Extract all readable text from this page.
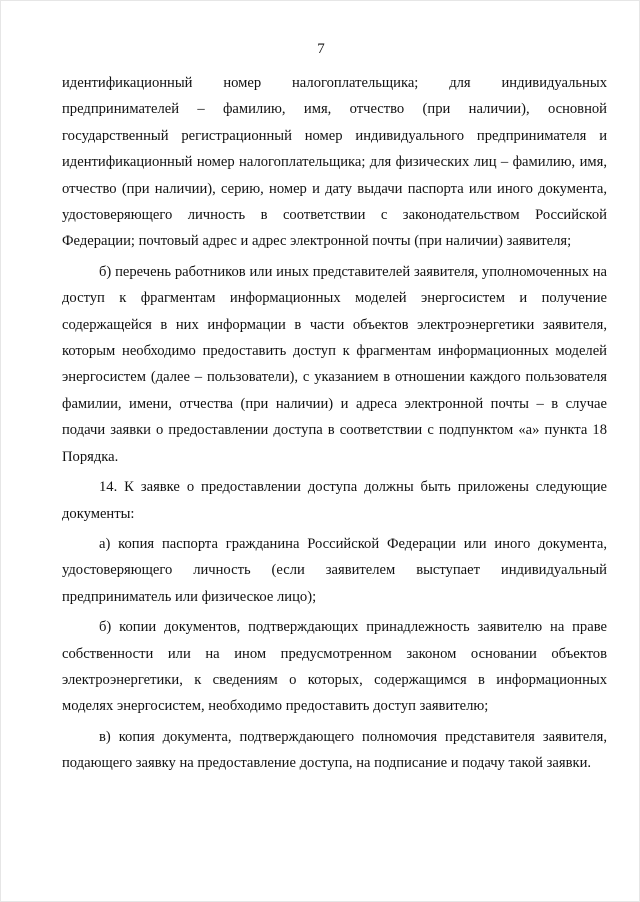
7

идентификационный номер налогоплательщика; для индивидуальных предпринимателей – фамилию, имя, отчество (при наличии), основной государственный регистрационный номер индивидуального предпринимателя и идентификационный номер налогоплательщика; для физических лиц – фамилию, имя, отчество (при наличии), серию, номер и дату выдачи паспорта или иного документа, удостоверяющего личность в соответствии с законодательством Российской Федерации; почтовый адрес и адрес электронной почты (при наличии) заявителя;

б) перечень работников или иных представителей заявителя, уполномоченных на доступ к фрагментам информационных моделей энергосистем и получение содержащейся в них информации в части объектов электроэнергетики заявителя, которым необходимо предоставить доступ к фрагментам информационных моделей энергосистем (далее – пользователи), с указанием в отношении каждого пользователя фамилии, имени, отчества (при наличии) и адреса электронной почты – в случае подачи заявки о предоставлении доступа в соответствии с подпунктом «а» пункта 18 Порядка.

14. К заявке о предоставлении доступа должны быть приложены следующие документы:

а) копия паспорта гражданина Российской Федерации или иного документа, удостоверяющего личность (если заявителем выступает индивидуальный предприниматель или физическое лицо);

б) копии документов, подтверждающих принадлежность заявителю на праве собственности или на ином предусмотренном законом основании объектов электроэнергетики, к сведениям о которых, содержащимся в информационных моделях энергосистем, необходимо предоставить доступ заявителю;

в) копия документа, подтверждающего полномочия представителя заявителя, подающего заявку на предоставление доступа, на подписание и подачу такой заявки.
